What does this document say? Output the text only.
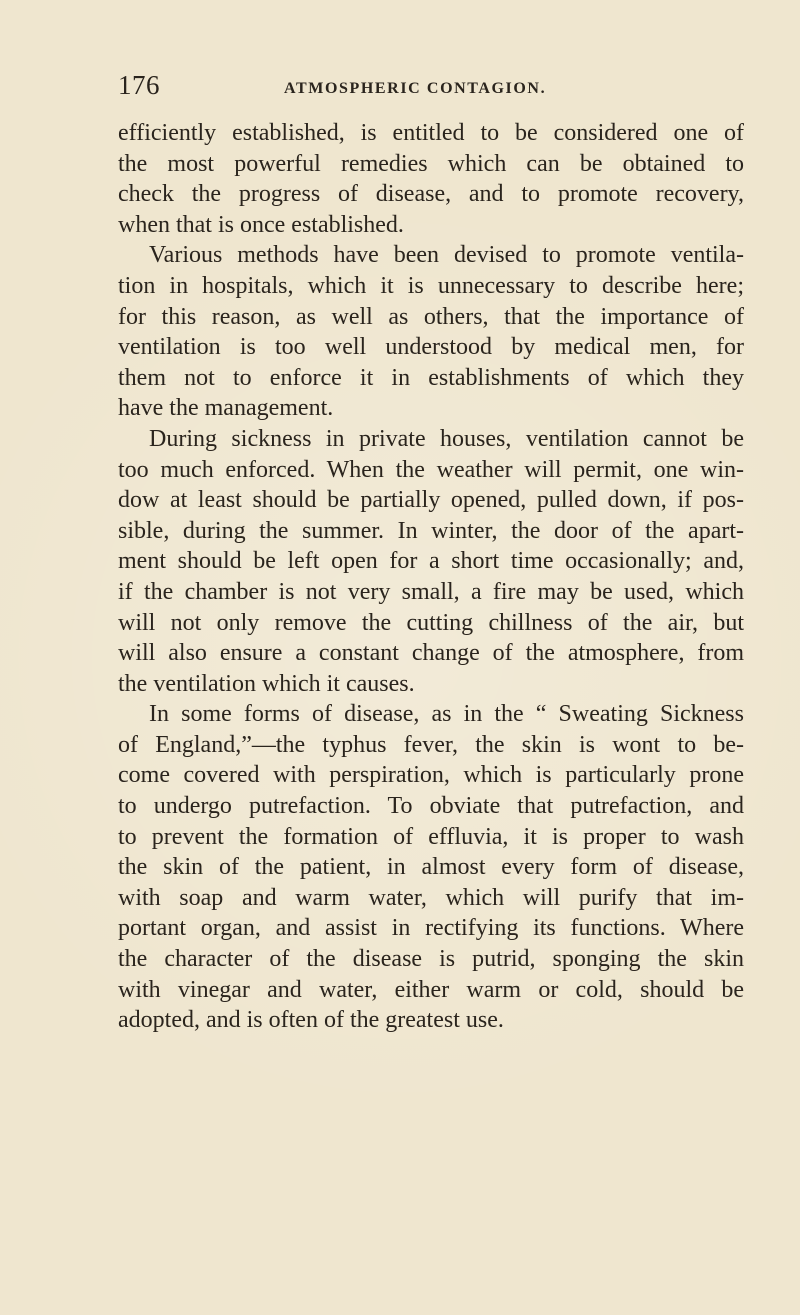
176	ATMOSPHERIC CONTAGION.
efficiently established, is entitled to be considered one of
the most powerful remedies which can be obtained to
check the progress of disease, and to promote recovery,
when that is once established.
Various methods have been devised to promote ventila-
tion in hospitals, which it is unnecessary to describe here;
for this reason, as well as others, that the importance of
ventilation is too well understood by medical men, for
them not to enforce it in establishments of which they
have the management.
During sickness in private houses, ventilation cannot be
too much enforced. When the weather will permit, one win-
dow at least should be partially opened, pulled down, if pos-
sible, during the summer. In winter, the door of the apart-
ment should be left open for a short time occasionally; and,
if the chamber is not very small, a fire may be used, which
will not only remove the cutting chillness of the air, but
will also ensure a constant change of the atmosphere, from
the ventilation which it causes.
In some forms of disease, as in the “ Sweating Sickness
of England,”—the typhus fever, the skin is wont to be-
come covered with perspiration, which is particularly prone
to undergo putrefaction. To obviate that putrefaction, and
to prevent the formation of effluvia, it is proper to wash
the skin of the patient, in almost every form of disease,
with soap and warm water, which will purify that im-
portant organ, and assist in rectifying its functions. Where
the character of the disease is putrid, sponging the skin
with vinegar and water, either warm or cold, should be
adopted, and is often of the greatest use.
